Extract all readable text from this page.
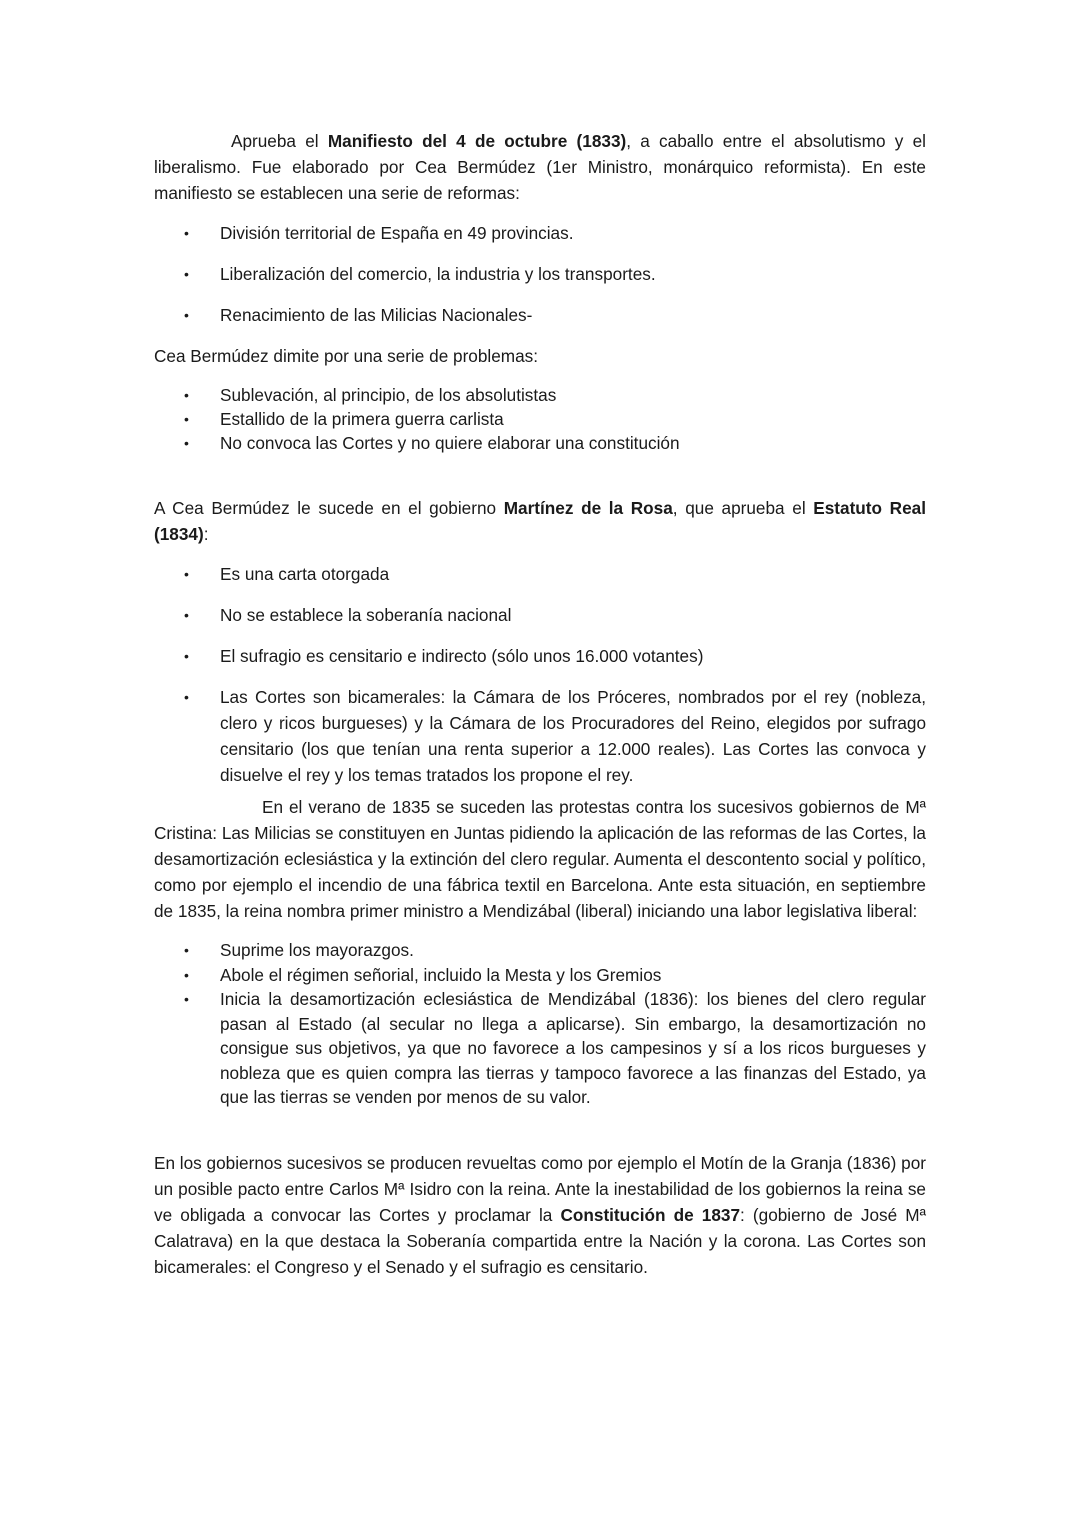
Aprueba el Manifiesto del 4 de octubre (1833), a caballo entre el absolutismo y el liberalismo. Fue elaborado por Cea Bermúdez (1er Ministro, monárquico reformista). En este manifiesto se establecen una serie de reformas:

• División territorial de España en 49 provincias.
• Liberalización del comercio, la industria y los transportes.
• Renacimiento de las Milicias Nacionales-

Cea Bermúdez dimite por una serie de problemas:

• Sublevación, al principio, de los absolutistas
• Estallido de la primera guerra carlista
• No convoca las Cortes y no quiere elaborar una constitución

A Cea Bermúdez le sucede en el gobierno Martínez de la Rosa, que aprueba el Estatuto Real (1834):

• Es una carta otorgada
• No se establece la soberanía nacional
• El sufragio es censitario e indirecto (sólo unos 16.000 votantes)
• Las Cortes son bicamerales: la Cámara de los Próceres, nombrados por el rey (nobleza, clero y ricos burgueses) y la Cámara de los Procuradores del Reino, elegidos por sufrago censitario (los que tenían una renta superior a 12.000 reales). Las Cortes las convoca y disuelve el rey y los temas tratados los propone el rey.

En el verano de 1835 se suceden las protestas contra los sucesivos gobiernos de Mª Cristina: Las Milicias se constituyen en Juntas pidiendo la aplicación de las reformas de las Cortes, la desamortización eclesiástica y la extinción del clero regular. Aumenta el descontento social y político, como por ejemplo el incendio de una fábrica textil en Barcelona. Ante esta situación, en septiembre de 1835, la reina nombra primer ministro a Mendizábal (liberal) iniciando una labor legislativa liberal:

• Suprime los mayorazgos.
• Abole el régimen señorial, incluido la Mesta y los Gremios
• Inicia la desamortización eclesiástica de Mendizábal (1836): los bienes del clero regular pasan al Estado (al secular no llega a aplicarse). Sin embargo, la desamortización no consigue sus objetivos, ya que no favorece a los campesinos y sí a los ricos burgueses y nobleza que es quien compra las tierras y tampoco favorece a las finanzas del Estado, ya que las tierras se venden por menos de su valor.

En los gobiernos sucesivos se producen revueltas como por ejemplo el Motín de la Granja (1836) por un posible pacto entre Carlos Mª Isidro con la reina. Ante la inestabilidad de los gobiernos la reina se ve obligada a convocar las Cortes y proclamar la Constitución de 1837: (gobierno de José Mª Calatrava) en la que destaca la Soberanía compartida entre la Nación y la corona. Las Cortes son bicamerales: el Congreso y el Senado y el sufragio es censitario.
